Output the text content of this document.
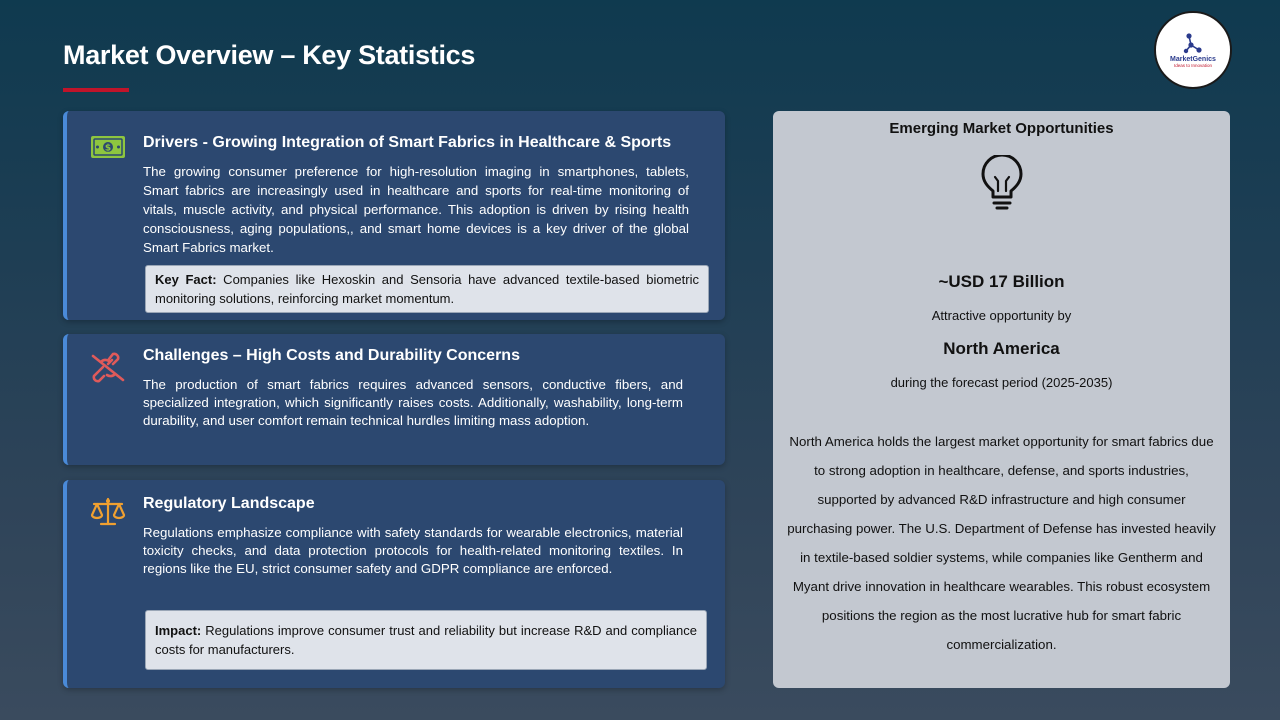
Market Overview – Key Statistics	MarketGenics
Ideas to Innovation
$ Drivers - Growing Integration of Smart Fabrics in Healthcare & Sports
The growing consumer preference for high-resolution imaging in smartphones, tablets, Smart fabrics are increasingly used in healthcare and sports for real-time monitoring of vitals, muscle activity, and physical performance. This adoption is driven by rising health consciousness, aging populations,, and smart home devices is a key driver of the global Smart Fabrics market.
Key Fact: Companies like Hexoskin and Sensoria have advanced textile-based biometric monitoring solutions, reinforcing market momentum.
Challenges – High Costs and Durability Concerns
The production of smart fabrics requires advanced sensors, conductive fibers, and specialized integration, which significantly raises costs. Additionally, washability, long-term durability, and user comfort remain technical hurdles limiting mass adoption.
Regulatory Landscape
Regulations emphasize compliance with safety standards for wearable electronics, material toxicity checks, and data protection protocols for health-related monitoring textiles. In regions like the EU, strict consumer safety and GDPR compliance are enforced.
Impact: Regulations improve consumer trust and reliability but increase R&D and compliance costs for manufacturers.
Emerging Market Opportunities
~USD 17 Billion
Attractive opportunity by
North America
during the forecast period (2025-2035)
North America holds the largest market opportunity for smart fabrics due to strong adoption in healthcare, defense, and sports industries, supported by advanced R&D infrastructure and high consumer purchasing power. The U.S. Department of Defense has invested heavily in textile-based soldier systems, while companies like Gentherm and Myant drive innovation in healthcare wearables. This robust ecosystem positions the region as the most lucrative hub for smart fabric commercialization.
